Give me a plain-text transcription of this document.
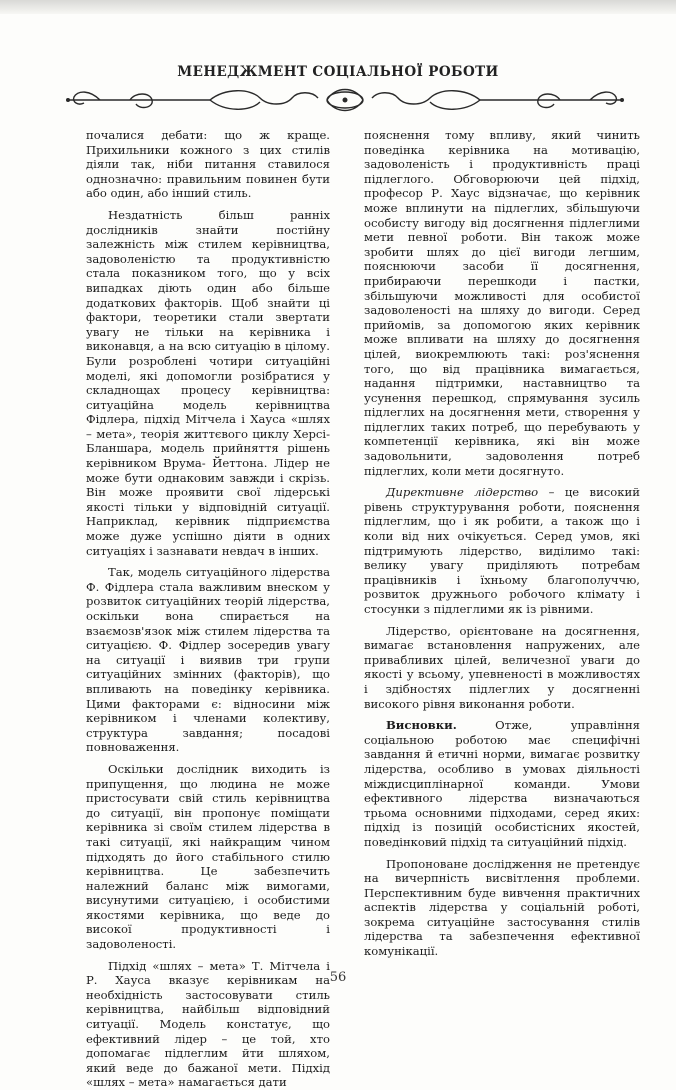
МЕНЕДЖМЕНТ СОЦІАЛЬНОЇ РОБОТИ

почалися дебати: що ж краще. Прихильники кожного з цих стилів діяли так, ніби питання ставилося однозначно: правильним повинен бути або один, або інший стиль.

Нездатність більш ранніх дослідників знайти постійну залежність між стилем керівництва, задоволеністю та продуктивністю стала показником того, що у всіх випадках діють один або більше додаткових факторів. Щоб знайти ці фактори, теоретики стали звертати увагу не тільки на керівника і виконавця, а на всю ситуацію в цілому. Були розроблені чотири ситуаційні моделі, які допомогли розібратися у складнощах процесу керівництва: ситуаційна модель керівництва Фідлера, підхід Мітчела і Хауса «шлях – мета», теорія життєвого циклу Херсі-Бланшара, модель прийняття рішень керівником Врума- Йеттона. Лідер не може бути однаковим завжди і скрізь. Він може проявити свої лідерські якості тільки у відповідній ситуації. Наприклад, керівник підприємства може дуже успішно діяти в одних ситуаціях і зазнавати невдач в інших.

Так, модель ситуаційного лідерства Ф. Фідлера стала важливим внеском у розвиток ситуаційних теорій лідерства, оскільки вона спирається на взаємозв'язок між стилем лідерства та ситуацією. Ф. Фідлер зосередив увагу на ситуації і виявив три групи ситуаційних змінних (факторів), що впливають на поведінку керівника. Цими факторами є: відносини між керівником і членами колективу, структура завдання; посадові повноваження.

Оскільки дослідник виходить із припущення, що людина не може пристосувати свій стиль керівництва до ситуації, він пропонує поміщати керівника зі своїм стилем лідерства в такі ситуації, які найкращим чином підходять до його стабільного стилю керівництва. Це забезпечить належний баланс між вимогами, висунутими ситуацією, і особистими якостями керівника, що веде до високої продуктивності і задоволеності.

Підхід «шлях – мета» Т. Мітчела і Р. Хауса вказує керівникам на необхідність застосовувати стиль керівництва, найбільш відповідний ситуації. Модель констатує, що ефективний лідер – це той, хто допомагає підлеглим йти шляхом, який веде до бажаної мети. Підхід «шлях – мета» намагається дати

пояснення тому впливу, який чинить поведінка керівника на мотивацію, задоволеність і продуктивність праці підлеглого. Обговорюючи цей підхід, професор Р. Хаус відзначає, що керівник може вплинути на підлеглих, збільшуючи особисту вигоду від досягнення підлеглими мети певної роботи. Він також може зробити шлях до цієї вигоди легшим, пояснюючи засоби її досягнення, прибираючи перешкоди і пастки, збільшуючи можливості для особистої задоволеності на шляху до вигоди. Серед прийомів, за допомогою яких керівник може впливати на шляху до досягнення цілей, виокремлюють такі: роз'яснення того, що від працівника вимагається, надання підтримки, наставництво та усунення перешкод, спрямування зусиль підлеглих на досягнення мети, створення у підлеглих таких потреб, що перебувають у компетенції керівника, які він може задовольнити, задоволення потреб підлеглих, коли мети досягнуто.

Директивне лідерство – це високий рівень структурування роботи, пояснення підлеглим, що і як робити, а також що і коли від них очікується. Серед умов, які підтримують лідерство, виділимо такі: велику увагу приділяють потребам працівників і їхньому благополуччю, розвиток дружнього робочого клімату і стосунки з підлеглими як із рівними.

Лідерство, орієнтоване на досягнення, вимагає встановлення напружених, але привабливих цілей, величезної уваги до якості у всьому, упевненості в можливостях і здібностях підлеглих у досягненні високого рівня виконання роботи.

Висновки. Отже, управління соціальною роботою має специфічні завдання й етичні норми, вимагає розвитку лідерства, особливо в умовах діяльності міждисциплінарної команди. Умови ефективного лідерства визначаються трьома основними підходами, серед яких: підхід із позицій особистісних якостей, поведінковий підхід та ситуаційний підхід.

Пропоноване дослідження не претендує на вичерпність висвітлення проблеми. Перспективним буде вивчення практичних аспектів лідерства у соціальній роботі, зокрема ситуаційне застосування стилів лідерства та забезпечення ефективної комунікації.

56
